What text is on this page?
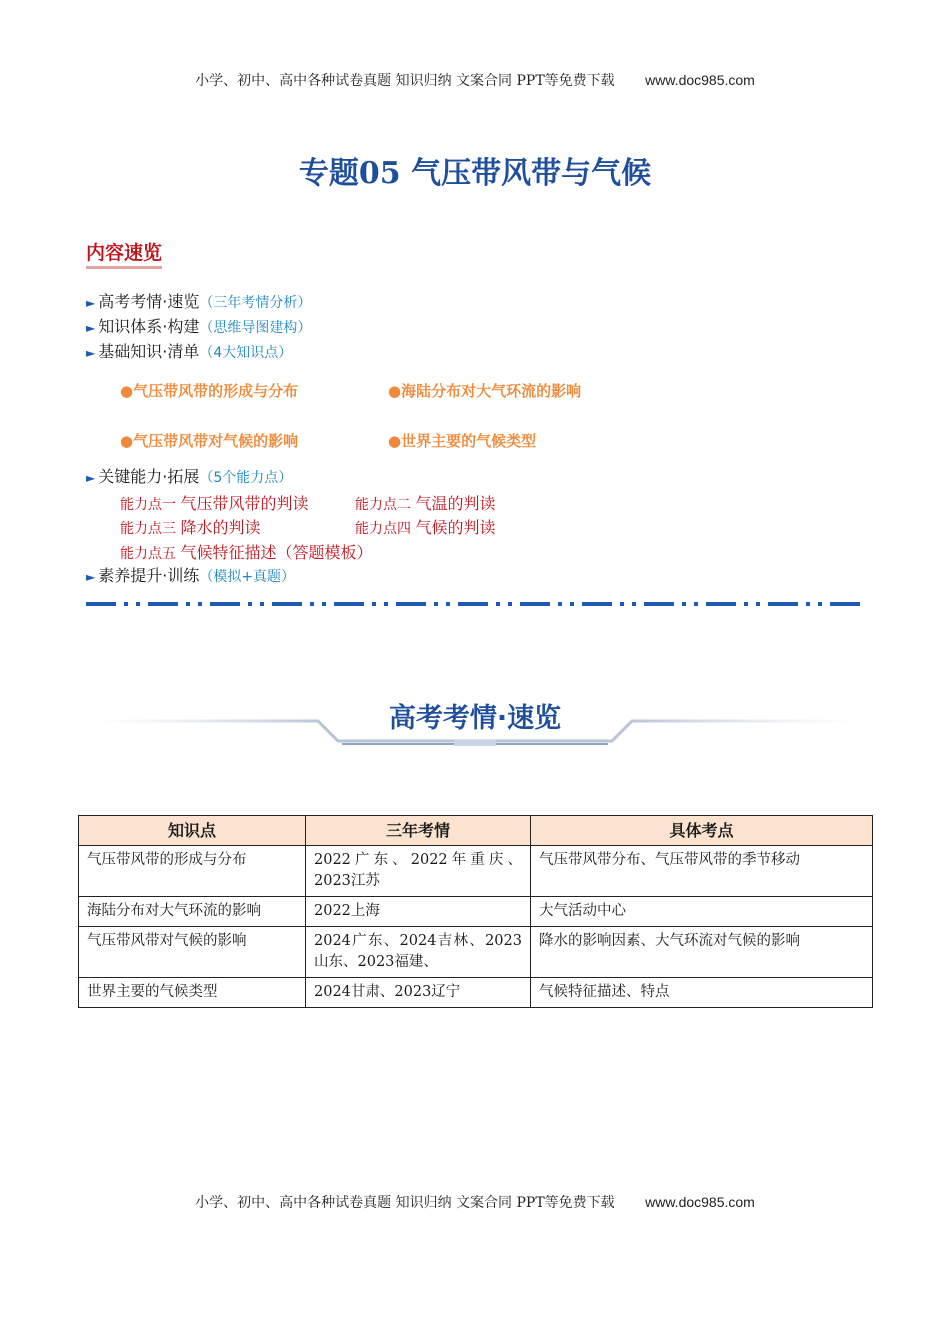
小学、初中、高中各种试卷真题 知识归纳 文案合同 PPT等免费下载 www.doc985.com
专题05 气压带风带与气候
内容速览
► 高考考情·速览（三年考情分析）
► 知识体系·构建（思维导图建构）
► 基础知识·清单（4大知识点）
●气压带风带的形成与分布	●海陆分布对大气环流的影响
●气压带风带对气候的影响	●世界主要的气候类型
► 关键能力·拓展（5个能力点）
能力点一 气压带风带的判读	能力点二 气温的判读
能力点三 降水的判读	能力点四 气候的判读
能力点五 气候特征描述（答题模板）
► 素养提升·训练（模拟+真题）
高考考情·速览
知识点	三年考情	具体考点
气压带风带的形成与分布	2022广东、2022年重庆、2023江苏	气压带风带分布、气压带风带的季节移动
海陆分布对大气环流的影响	2022上海	大气活动中心
气压带风带对气候的影响	2024广东、2024吉林、2023山东、2023福建、	降水的影响因素、大气环流对气候的影响
世界主要的气候类型	2024甘肃、2023辽宁	气候特征描述、特点
小学、初中、高中各种试卷真题 知识归纳 文案合同 PPT等免费下载 www.doc985.com
